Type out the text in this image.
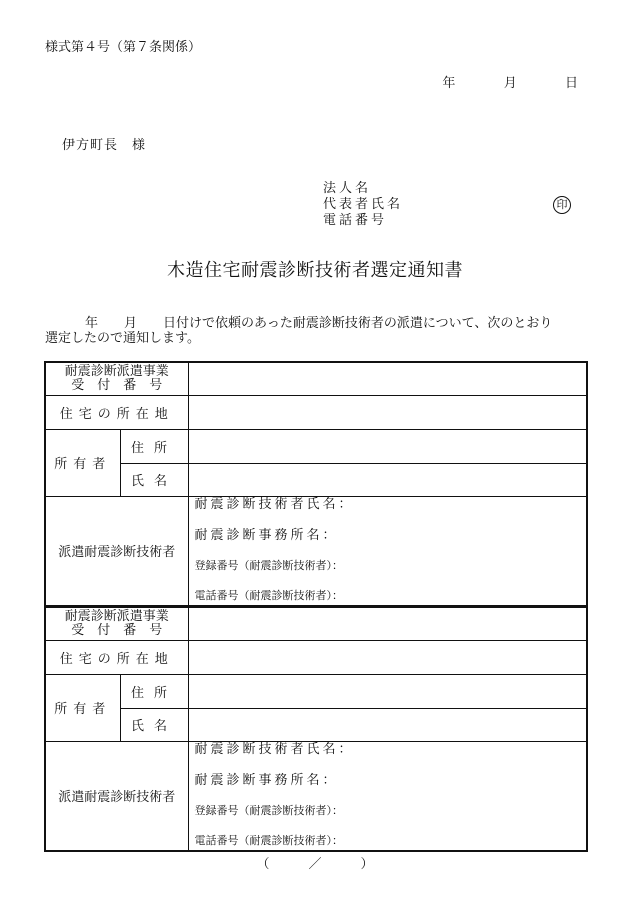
様式第４号（第７条関係）
年	月	日
伊方町長　様
法人名
代表者氏名
電話番号
印
木造住宅耐震診断技術者選定通知書
年　　月　　日付けで依頼のあった耐震診断技術者の派遣について、次のとおり
選定したので通知します。
耐震診断派遣事業
受　付　番　号		

住宅の所在地		
所有者	住所	
	氏名	
派遣耐震診断技術者		耐震診断技術者氏名：
耐震診断事務所名：
登録番号（耐震診断技術者）：
電話番号（耐震診断技術者）：
耐震診断派遣事業
受　付　番　号		

住宅の所在地		
所有者	住所	
	氏名	
派遣耐震診断技術者		耐震診断技術者氏名：
耐震診断事務所名：
登録番号（耐震診断技術者）：
電話番号（耐震診断技術者）：
（　　　／　　　）
